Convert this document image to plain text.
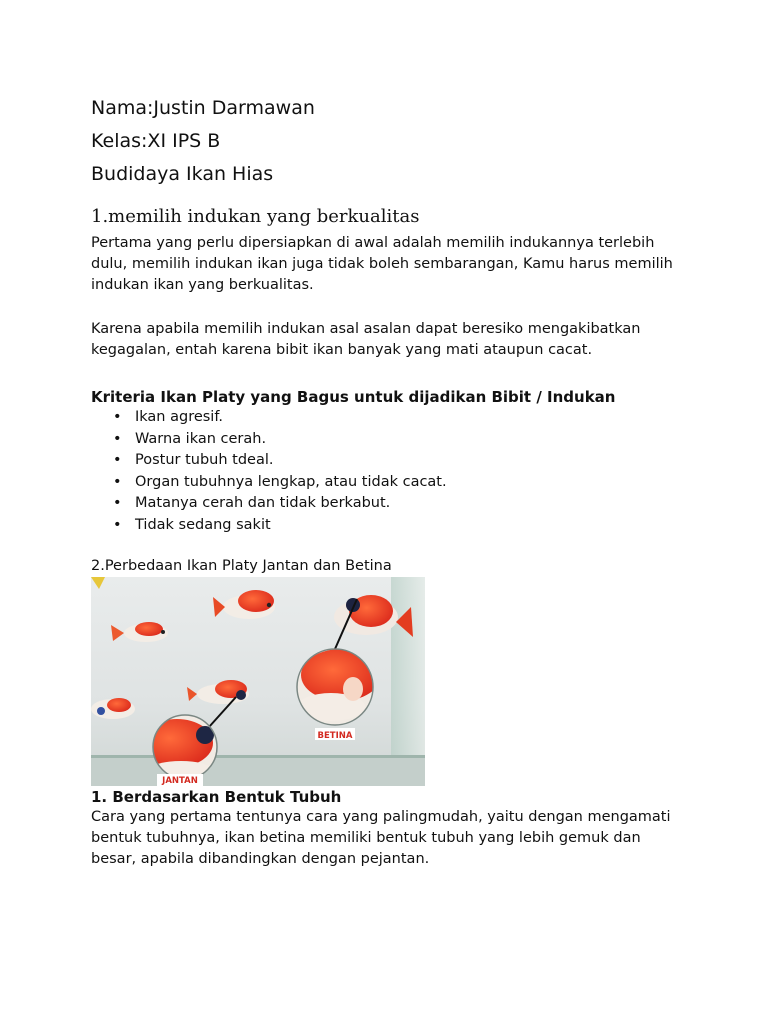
Nama:Justin Darmawan

Kelas:XI IPS B

Budidaya Ikan Hias

1.memilih indukan yang berkualitas

Pertama yang perlu dipersiapkan di awal adalah memilih indukannya terlebih dulu, memilih indukan ikan juga tidak boleh sembarangan, Kamu harus memilih indukan ikan yang berkualitas.

Karena apabila memilih indukan asal asalan dapat beresiko mengakibatkan kegagalan, entah karena bibit ikan banyak yang mati ataupun cacat.

Kriteria Ikan Platy yang Bagus untuk dijadikan Bibit / Indukan
• Ikan agresif.
• Warna ikan cerah.
• Postur tubuh tdeal.
• Organ tubuhnya lengkap, atau tidak cacat.
• Matanya cerah dan tidak berkabut.
• Tidak sedang sakit

2.Perbedaan Ikan Platy Jantan dan Betina

BETINA
JANTAN
1. Berdasarkan Bentuk Tubuh

Cara yang pertama tentunya cara yang palingmudah, yaitu dengan mengamati bentuk tubuhnya, ikan betina memiliki bentuk tubuh yang lebih gemuk dan besar, apabila dibandingkan dengan pejantan.
